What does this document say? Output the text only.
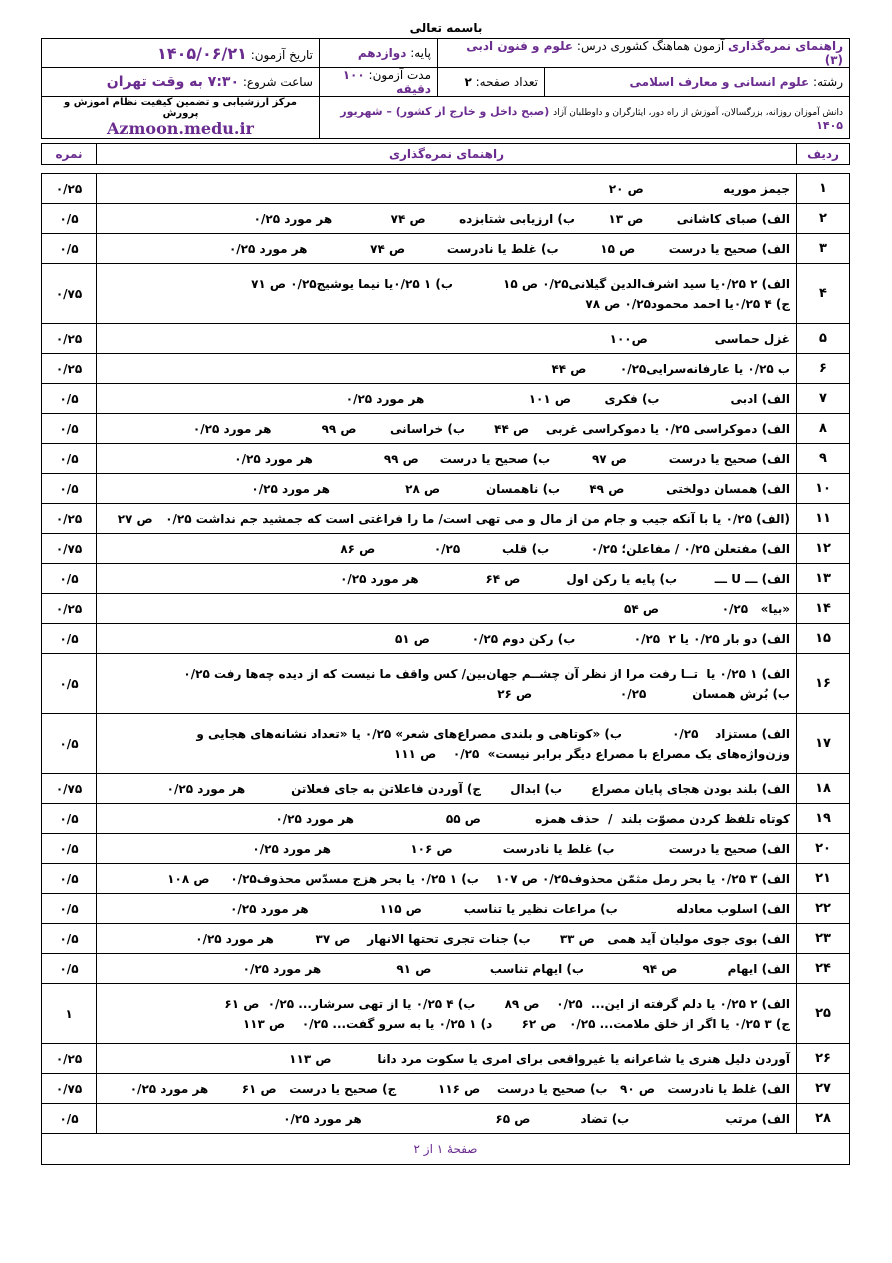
باسمه تعالی
راهنمای نمره‌گذاری آزمون هماهنگ کشوری درس: علوم و فنون ادبی (۳)		پایه: دوازدهم	تاریخ آزمون: ۱۴۰۵/۰۶/۲۱
رشته: علوم انسانی و معارف اسلامی	تعداد صفحه: ۲	مدت آزمون: ۱۰۰ دقیقه	ساعت شروع: ۷:۳۰ به وقت تهران
دانش آموزان روزانه، بزرگسالان، آموزش از راه دور، ایثارگران و داوطلبان آزاد (صبح داخل و خارج از کشور) – شهریور ۱۴۰۵			مرکز ارزشیابی و تضمین کیفیت نظام آموزش و پرورش
Azmoon.medu.ir
ردیف	راهنمای نمره‌گذاری	نمره
۱	جیمز موریه                   ص ۲۰	۰/۲۵
۲	الف) صبای کاشانی        ص ۱۳        ب) ارزیابی شتابزده        ص ۷۴              هر مورد ۰/۲۵	۰/۵
۳	الف) صحیح یا درست        ص ۱۵          ب) غلط یا نادرست          ص ۷۴               هر مورد ۰/۲۵	۰/۵
۴	الف) ۲ ۰/۲۵یا سید اشرف‌الدین گیلانی۰/۲۵ ص ۱۵            ب) ۱ ۰/۲۵یا نیما یوشیج۰/۲۵ ص ۷۱
ج) ۴ ۰/۲۵یا احمد محمود۰/۲۵ ص ۷۸	۰/۷۵
۵	غزل حماسی                ص۱۰۰	۰/۲۵
۶	ب ۰/۲۵ یا عارفانه‌سرایی۰/۲۵        ص ۴۴	۰/۲۵
۷	الف) ادبی                 ب) فکری        ص ۱۰۱                         هر مورد ۰/۲۵	۰/۵
۸	الف) دموکراسی ۰/۲۵ یا دموکراسی غربی    ص ۴۴       ب) خراسانی        ص ۹۹            هر مورد ۰/۲۵	۰/۵
۹	الف) صحیح یا درست          ص ۹۷          ب) صحیح یا درست     ص ۹۹                 هر مورد ۰/۲۵	۰/۵
۱۰	الف) همسان دولختی          ص ۴۹       ب) ناهمسان           ص ۲۸                  هر مورد ۰/۲۵	۰/۵
۱۱	(الف) ۰/۲۵ یا با آنکه جیب و جام من از مال و می تهی است/ ما را فراغتی است که جمشید جم نداشت ۰/۲۵   ص ۲۷	۰/۲۵
۱۲	الف) مفتعلن ۰/۲۵ / مفاعلن؛ ۰/۲۵          ب) قلب          ۰/۲۵              ص ۸۶	۰/۷۵
۱۳	الف) ـــ U ـــ         ب) پایه یا رکن اول           ص ۶۴                هر مورد ۰/۲۵	۰/۵
۱۴	«بیا»   ۰/۲۵               ص ۵۴	۰/۲۵
۱۵	الف) دو بار ۰/۲۵ یا ۲  ۰/۲۵              ب) رکن دوم ۰/۲۵          ص ۵۱	۰/۵
۱۶	الف) ۱ ۰/۲۵ یا  تــا رفت مرا از نظر آن چشــم جهان‌بین/ کس واقف ما نیست که از دیده چه‌ها رفت ۰/۲۵
ب) بُرش همسان           ۰/۲۵                     ص ۲۶	۰/۵
۱۷	الف) مستزاد    ۰/۲۵            ب) «کوتاهی و بلندی مصراع‌های شعر» ۰/۲۵ یا «تعداد نشانه‌های هجایی و
وزن‌واژه‌های یک مصراع با مصراع دیگر برابر نیست»  ۰/۲۵    ص ۱۱۱	۰/۵
۱۸	الف) بلند بودن هجای پایان مصراع       ب) ابدال       ج) آوردن فاعلاتن به جای فعلاتن           هر مورد ۰/۲۵	۰/۷۵
۱۹	کوتاه تلفظ کردن مصوّت بلند  /  حذف همزه             ص ۵۵                      هر مورد ۰/۲۵	۰/۵
۲۰	الف) صحیح یا درست             ب) غلط یا نادرست            ص ۱۰۶                   هر مورد ۰/۲۵	۰/۵
۲۱	الف) ۳ ۰/۲۵ یا بحر رمل مثمّن محذوف۰/۲۵ ص ۱۰۷    ب) ۱ ۰/۲۵ یا بحر هزج مسدّس محذوف۰/۲۵     ص ۱۰۸	۰/۵
۲۲	الف) اسلوب معادله              ب) مراعات نظیر یا تناسب          ص ۱۱۵                 هر مورد ۰/۲۵	۰/۵
۲۳	الف) بوی جوی مولیان آید همی   ص ۳۳       ب) جنات تجری تحتها الانهار    ص ۳۷          هر مورد ۰/۲۵	۰/۵
۲۴	الف) ایهام            ص ۹۴              ب) ایهام تناسب              ص ۹۱                  هر مورد ۰/۲۵	۰/۵
۲۵	الف) ۲ ۰/۲۵ یا دلم گرفته از این...  ۰/۲۵    ص ۸۹       ب) ۴ ۰/۲۵ یا از تهی سرشار... ۰/۲۵  ص ۶۱
ج) ۳ ۰/۲۵ یا اگر از خلق ملامت... ۰/۲۵   ص ۶۲       د) ۱ ۰/۲۵ یا به سرو گفت... ۰/۲۵    ص ۱۱۳	۱
۲۶	آوردن دلیل هنری یا شاعرانه یا غیرواقعی برای امری یا سکوت مرد دانا           ص ۱۱۳	۰/۲۵
۲۷	الف) غلط یا نادرست   ص ۹۰   ب) صحیح یا درست    ص ۱۱۶          ج) صحیح یا درست   ص ۶۱        هر مورد ۰/۲۵	۰/۷۵
۲۸	الف) مرتب                       ب) تضاد            ص ۶۵                                هر مورد ۰/۲۵	۰/۵
صفحهٔ ۱ از ۲		
